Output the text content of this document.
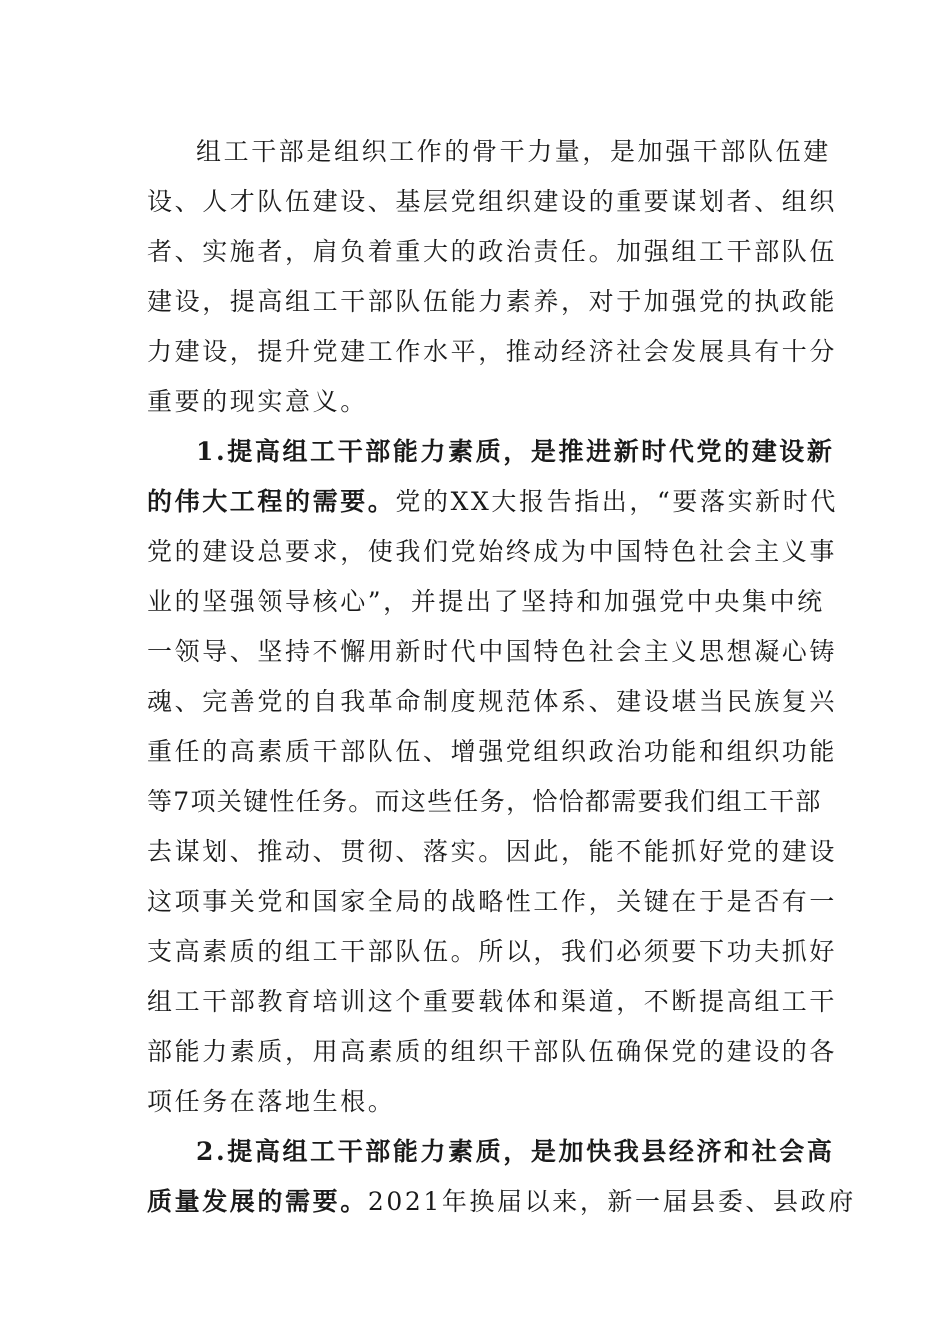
组工干部是组织工作的骨干力量，是加强干部队伍建
设、人才队伍建设、基层党组织建设的重要谋划者、组织
者、实施者，肩负着重大的政治责任。加强组工干部队伍
建设，提高组工干部队伍能力素养，对于加强党的执政能
力建设，提升党建工作水平，推动经济社会发展具有十分
重要的现实意义。
1.提高组工干部能力素质，是推进新时代党的建设新
的伟大工程的需要。党的XX大报告指出，“要落实新时代
党的建设总要求，使我们党始终成为中国特色社会主义事
业的坚强领导核心”，并提出了坚持和加强党中央集中统
一领导、坚持不懈用新时代中国特色社会主义思想凝心铸
魂、完善党的自我革命制度规范体系、建设堪当民族复兴
重任的高素质干部队伍、增强党组织政治功能和组织功能
等7项关键性任务。而这些任务，恰恰都需要我们组工干部
去谋划、推动、贯彻、落实。因此，能不能抓好党的建设
这项事关党和国家全局的战略性工作，关键在于是否有一
支高素质的组工干部队伍。所以，我们必须要下功夫抓好
组工干部教育培训这个重要载体和渠道，不断提高组工干
部能力素质，用高素质的组织干部队伍确保党的建设的各
项任务在落地生根。
2.提高组工干部能力素质，是加快我县经济和社会高
质量发展的需要。2021年换届以来，新一届县委、县政府
